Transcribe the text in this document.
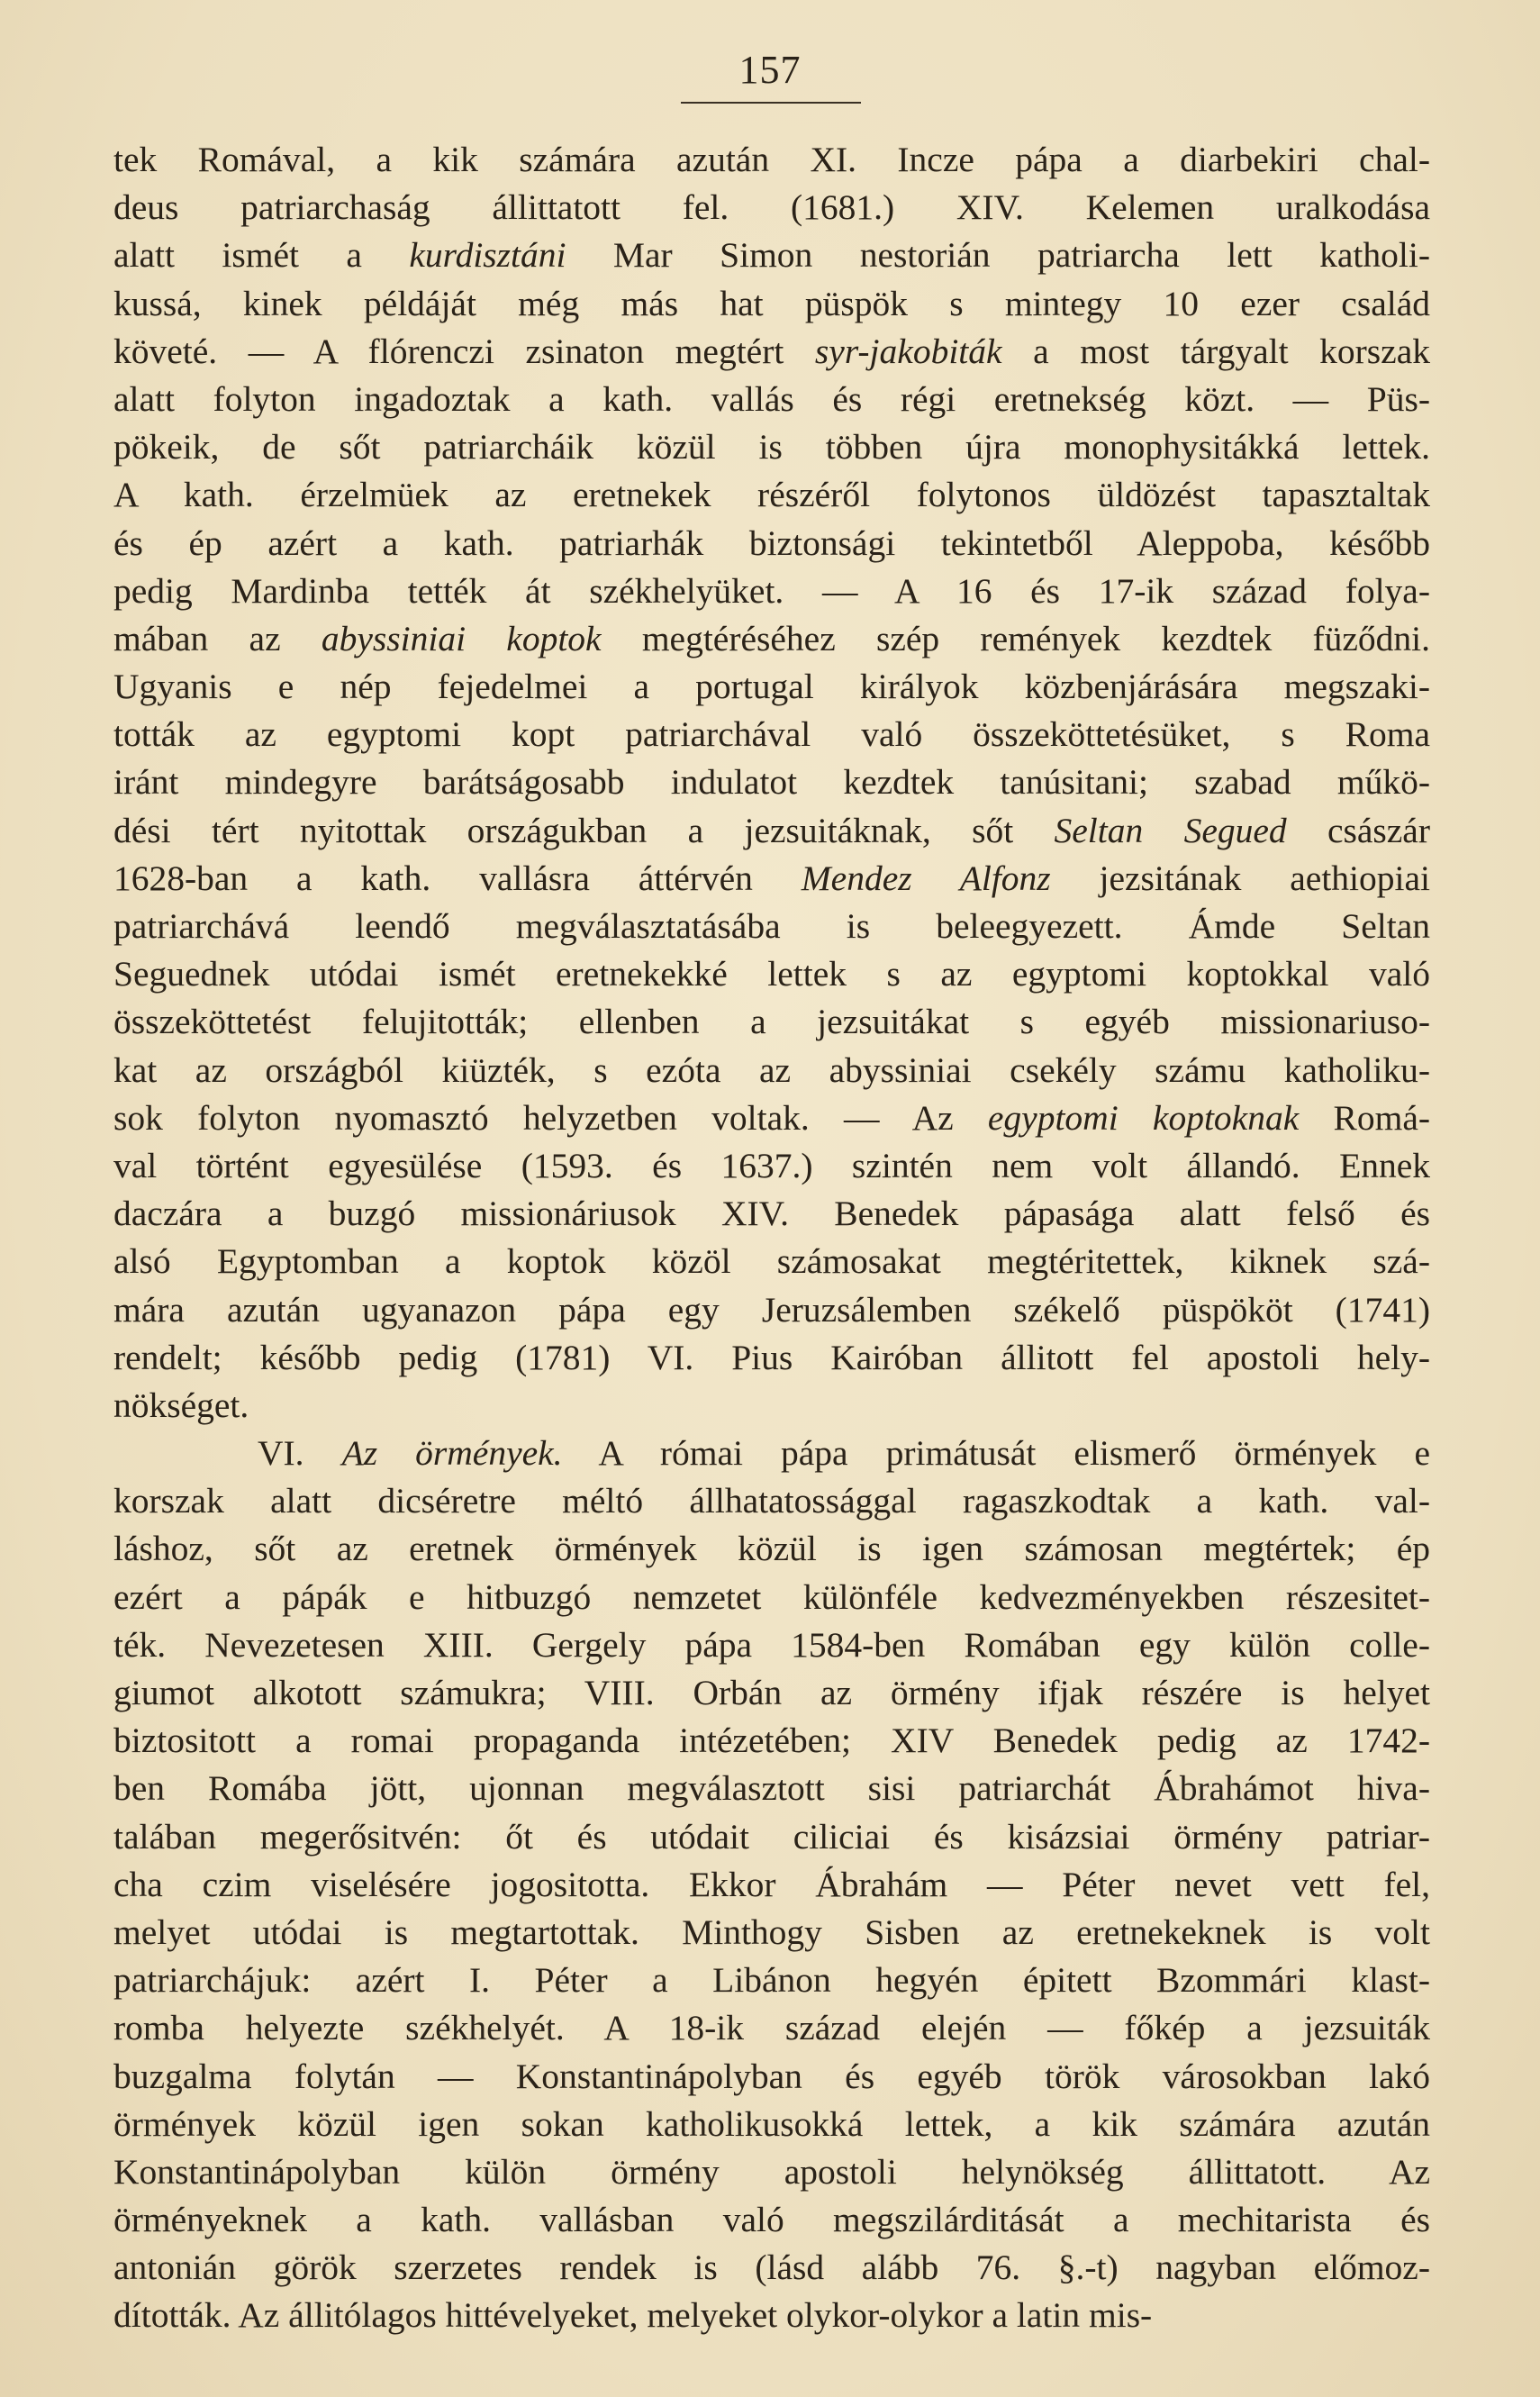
157
tek Romával, a kik számára azután XI. Incze pápa a diarbekiri chal-
deus patriarchaság állittatott fel. (1681.) XIV. Kelemen uralkodása
alatt ismét a kurdisztáni Mar Simon nestorián patriarcha lett katholi-
kussá, kinek példáját még más hat püspök s mintegy 10 ezer család
követé. — A flórenczi zsinaton megtért syr-jakobiták a most tárgyalt korszak
alatt folyton ingadoztak a kath. vallás és régi eretnekség közt. — Püs-
pökeik, de sőt patriarcháik közül is többen újra monophysitákká lettek.
A kath. érzelmüek az eretnekek részéről folytonos üldözést tapasztaltak
és ép azért a kath. patriarhák biztonsági tekintetből Aleppoba, később
pedig Mardinba tették át székhelyüket. — A 16 és 17-ik század folya-
mában az abyssiniai koptok megtéréséhez szép remények kezdtek füződni.
Ugyanis e nép fejedelmei a portugal királyok közbenjárására megszaki-
tották az egyptomi kopt patriarchával való összeköttetésüket, s Roma
iránt mindegyre barátságosabb indulatot kezdtek tanúsitani; szabad műkö-
dési tért nyitottak országukban a jezsuitáknak, sőt Seltan Segued császár
1628-ban a kath. vallásra áttérvén Mendez Alfonz jezsitának aethiopiai
patriarchává leendő megválasztatásába is beleegyezett. Ámde Seltan
Seguednek utódai ismét eretnekekké lettek s az egyptomi koptokkal való
összeköttetést felujitották; ellenben a jezsuitákat s egyéb missionariuso-
kat az országból kiüzték, s ezóta az abyssiniai csekély számu katholiku-
sok folyton nyomasztó helyzetben voltak. — Az egyptomi koptoknak Romá-
val történt egyesülése (1593. és 1637.) szintén nem volt állandó. Ennek
daczára a buzgó missionáriusok XIV. Benedek pápasága alatt felső és
alsó Egyptomban a koptok közöl számosakat megtéritettek, kiknek szá-
mára azután ugyanazon pápa egy Jeruzsálemben székelő püspököt (1741)
rendelt; később pedig (1781) VI. Pius Kairóban állitott fel apostoli hely-
nökséget.
VI. Az örmények. A római pápa primátusát elismerő örmények e
korszak alatt dicséretre méltó állhatatossággal ragaszkodtak a kath. val-
láshoz, sőt az eretnek örmények közül is igen számosan megtértek; ép
ezért a pápák e hitbuzgó nemzetet különféle kedvezményekben részesitet-
ték. Nevezetesen XIII. Gergely pápa 1584-ben Romában egy külön colle-
giumot alkotott számukra; VIII. Orbán az örmény ifjak részére is helyet
biztositott a romai propaganda intézetében; XIV Benedek pedig az 1742-
ben Romába jött, ujonnan megválasztott sisi patriarchát Ábrahámot hiva-
talában megerősitvén: őt és utódait ciliciai és kisázsiai örmény patriar-
cha czim viselésére jogositotta. Ekkor Ábrahám — Péter nevet vett fel,
melyet utódai is megtartottak. Minthogy Sisben az eretnekeknek is volt
patriarchájuk: azért I. Péter a Libánon hegyén épitett Bzommári klast-
romba helyezte székhelyét. A 18-ik század elején — főkép a jezsuiták
buzgalma folytán — Konstantinápolyban és egyéb török városokban lakó
örmények közül igen sokan katholikusokká lettek, a kik számára azután
Konstantinápolyban külön örmény apostoli helynökség állittatott. Az
örményeknek a kath. vallásban való megszilárditását a mechitarista és
antonián görök szerzetes rendek is (lásd alább 76. §.-t) nagyban előmoz-
dították. Az állitólagos hittévelyeket, melyeket olykor-olykor a latin mis-
